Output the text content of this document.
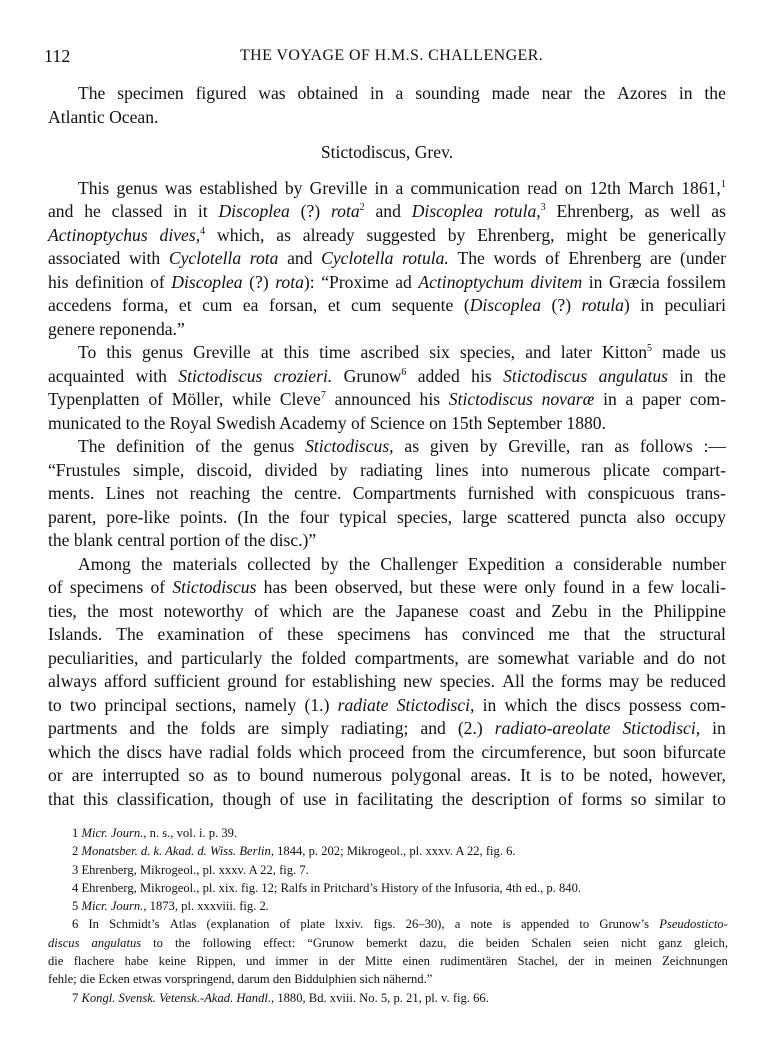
112	THE VOYAGE OF H.M.S. CHALLENGER.
The specimen figured was obtained in a sounding made near the Azores in the
Atlantic Ocean.
Stictodiscus, Grev.
This genus was established by Greville in a communication read on 12th March 1861,$^1$
and he classed in it Discoplea (?) rota$^2$ and Discoplea rotula,$^3$ Ehrenberg, as well as
Actinoptychus dives,$^4$ which, as already suggested by Ehrenberg, might be generically
associated with Cyclotella rota and Cyclotella rotula. The words of Ehrenberg are (under
his definition of Discoplea (?) rota): “Proxime ad Actinoptychum divitem in Græcia fossilem
accedens forma, et cum ea forsan, et cum sequente (Discoplea (?) rotula) in peculiari
genere reponenda.”
To this genus Greville at this time ascribed six species, and later Kitton$^5$ made us
acquainted with Stictodiscus crozieri. Grunow$^6$ added his Stictodiscus angulatus in the
Typenplatten of Möller, while Cleve$^7$ announced his Stictodiscus novaræ in a paper com-
municated to the Royal Swedish Academy of Science on 15th September 1880.
The definition of the genus Stictodiscus, as given by Greville, ran as follows :—
“Frustules simple, discoid, divided by radiating lines into numerous plicate compart-
ments. Lines not reaching the centre. Compartments furnished with conspicuous trans-
parent, pore-like points. (In the four typical species, large scattered puncta also occupy
the blank central portion of the disc.)”
Among the materials collected by the Challenger Expedition a considerable number
of specimens of Stictodiscus has been observed, but these were only found in a few locali-
ties, the most noteworthy of which are the Japanese coast and Zebu in the Philippine
Islands. The examination of these specimens has convinced me that the structural
peculiarities, and particularly the folded compartments, are somewhat variable and do not
always afford sufficient ground for establishing new species. All the forms may be reduced
to two principal sections, namely (1.) radiate Stictodisci, in which the discs possess com-
partments and the folds are simply radiating; and (2.) radiato-areolate Stictodisci, in
which the discs have radial folds which proceed from the circumference, but soon bifurcate
or are interrupted so as to bound numerous polygonal areas. It is to be noted, however,
that this classification, though of use in facilitating the description of forms so similar to
1 Micr. Journ., n. s., vol. i. p. 39.
2 Monatsber. d. k. Akad. d. Wiss. Berlin, 1844, p. 202; Mikrogeol., pl. xxxv. A 22, fig. 6.
3 Ehrenberg, Mikrogeol., pl. xxxv. A 22, fig. 7.
4 Ehrenberg, Mikrogeol., pl. xix. fig. 12; Ralfs in Pritchard’s History of the Infusoria, 4th ed., p. 840.
5 Micr. Journ., 1873, pl. xxxviii. fig. 2.
6 In Schmidt’s Atlas (explanation of plate lxxiv. figs. 26–30), a note is appended to Grunow’s Pseudosticto-
discus angulatus to the following effect: “Grunow bemerkt dazu, die beiden Schalen seien nicht ganz gleich,
die flachere habe keine Rippen, und immer in der Mitte einen rudimentären Stachel, der in meinen Zeichnungen
fehle; die Ecken etwas vorspringend, darum den Biddulphien sich nähernd.”
7 Kongl. Svensk. Vetensk.-Akad. Handl., 1880, Bd. xviii. No. 5, p. 21, pl. v. fig. 66.
